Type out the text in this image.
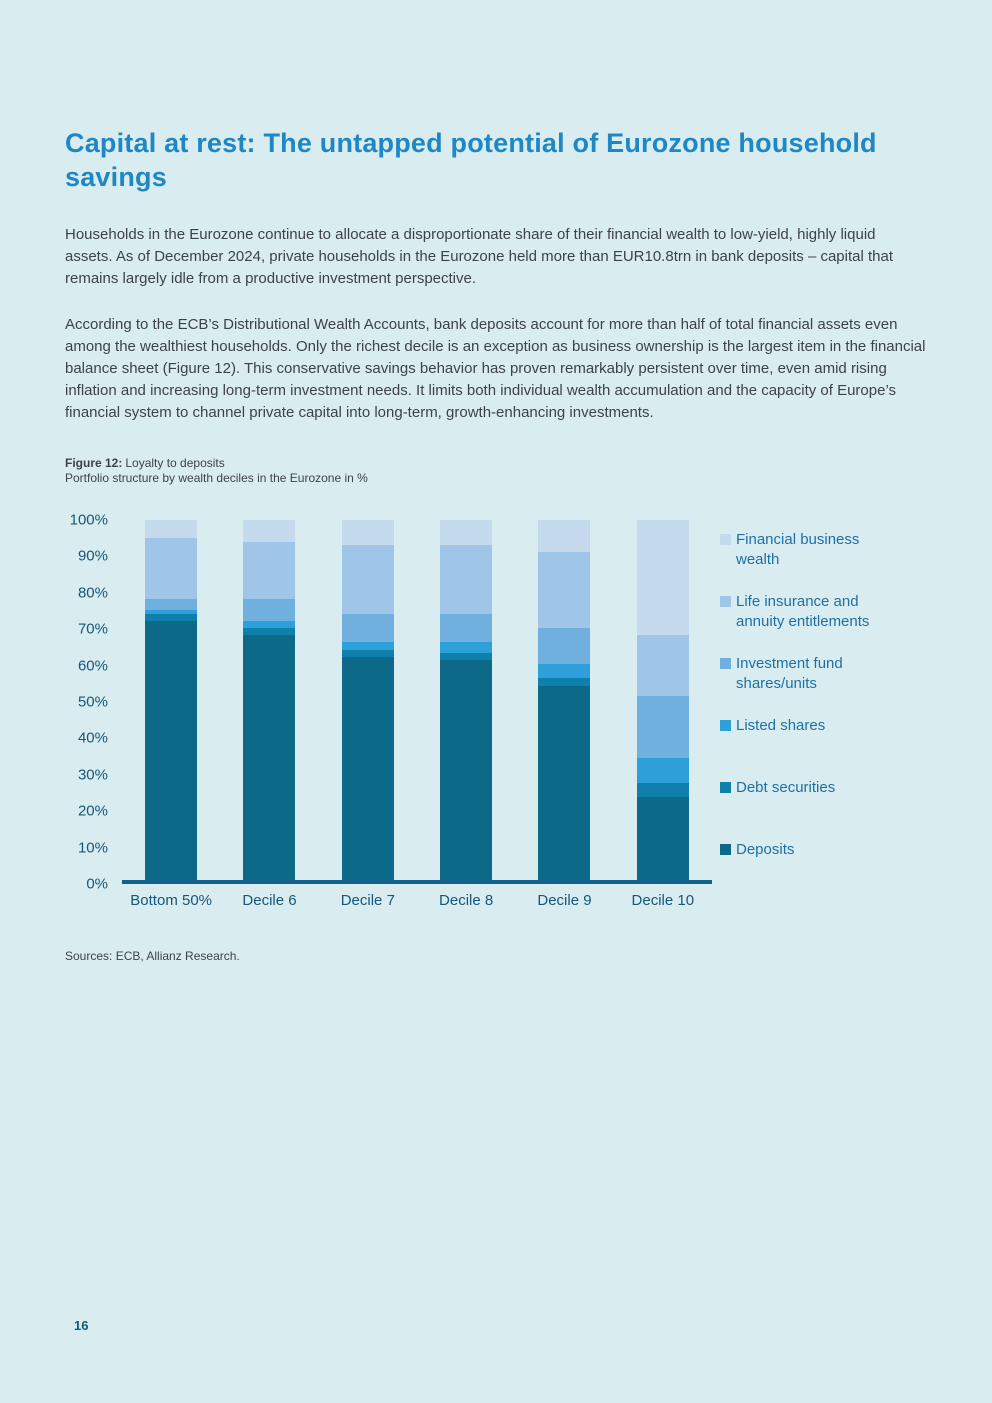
Capital at rest: The untapped potential of Eurozone household savings

Households in the Eurozone continue to allocate a disproportionate share of their financial wealth to low-yield, highly liquid assets. As of December 2024, private households in the Eurozone held more than EUR10.8trn in bank deposits – capital that remains largely idle from a productive investment perspective.

According to the ECB’s Distributional Wealth Accounts, bank deposits account for more than half of total financial assets even among the wealthiest households. Only the richest decile is an exception as business ownership is the largest item in the financial balance sheet (Figure 12). This conservative savings behavior has proven remarkably persistent over time, even amid rising inflation and increasing long-term investment needs. It limits both individual wealth accumulation and the capacity of Europe’s financial system to channel private capital into long-term, growth-enhancing investments.

Figure 12: Loyalty to deposits
Portfolio structure by wealth deciles in the Eurozone in %
100%
90%
80%
70%
60%
50%
40%
30%
20%
10%
0%
Bottom 50%	Decile 6	Decile 7	Decile 8	Decile 9	Decile 10
Financial business wealth
Life insurance and annuity entitlements
Investment fund shares/units
Listed shares
Debt securities
Deposits
Sources: ECB, Allianz Research.
16
